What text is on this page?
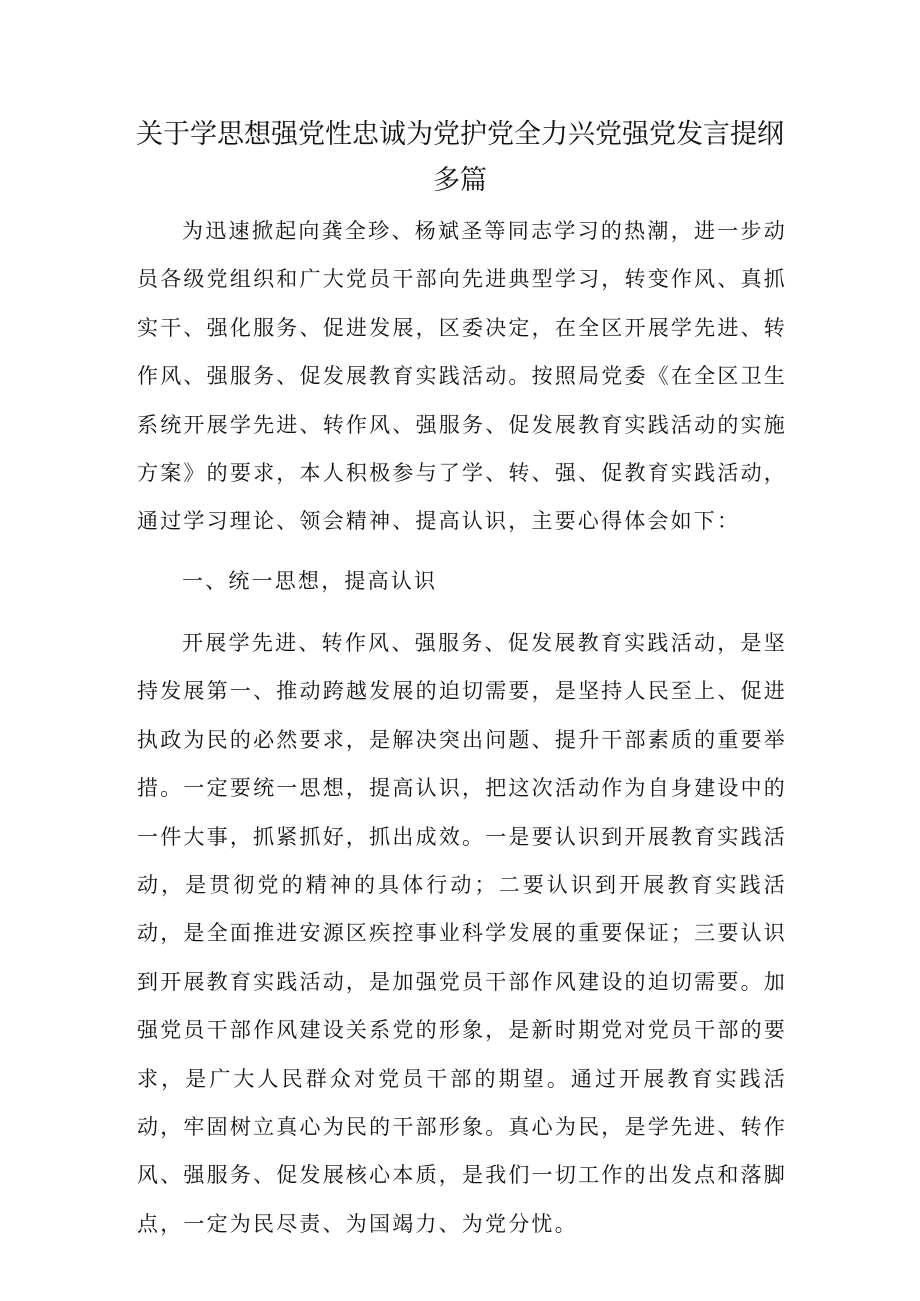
关于学思想强党性忠诚为党护党全力兴党强党发言提纲多篇

为迅速掀起向龚全珍、杨斌圣等同志学习的热潮，进一步动员各级党组织和广大党员干部向先进典型学习，转变作风、真抓实干、强化服务、促进发展，区委决定，在全区开展学先进、转作风、强服务、促发展教育实践活动。按照局党委《在全区卫生系统开展学先进、转作风、强服务、促发展教育实践活动的实施方案》的要求，本人积极参与了学、转、强、促教育实践活动，通过学习理论、领会精神、提高认识，主要心得体会如下：

一、统一思想，提高认识

开展学先进、转作风、强服务、促发展教育实践活动，是坚持发展第一、推动跨越发展的迫切需要，是坚持人民至上、促进执政为民的必然要求，是解决突出问题、提升干部素质的重要举措。一定要统一思想，提高认识，把这次活动作为自身建设中的一件大事，抓紧抓好，抓出成效。一是要认识到开展教育实践活动，是贯彻党的精神的具体行动；二要认识到开展教育实践活动，是全面推进安源区疾控事业科学发展的重要保证；三要认识到开展教育实践活动，是加强党员干部作风建设的迫切需要。加强党员干部作风建设关系党的形象，是新时期党对党员干部的要求，是广大人民群众对党员干部的期望。通过开展教育实践活动，牢固树立真心为民的干部形象。真心为民，是学先进、转作风、强服务、促发展核心本质，是我们一切工作的出发点和落脚点，一定为民尽责、为国竭力、为党分忧。
